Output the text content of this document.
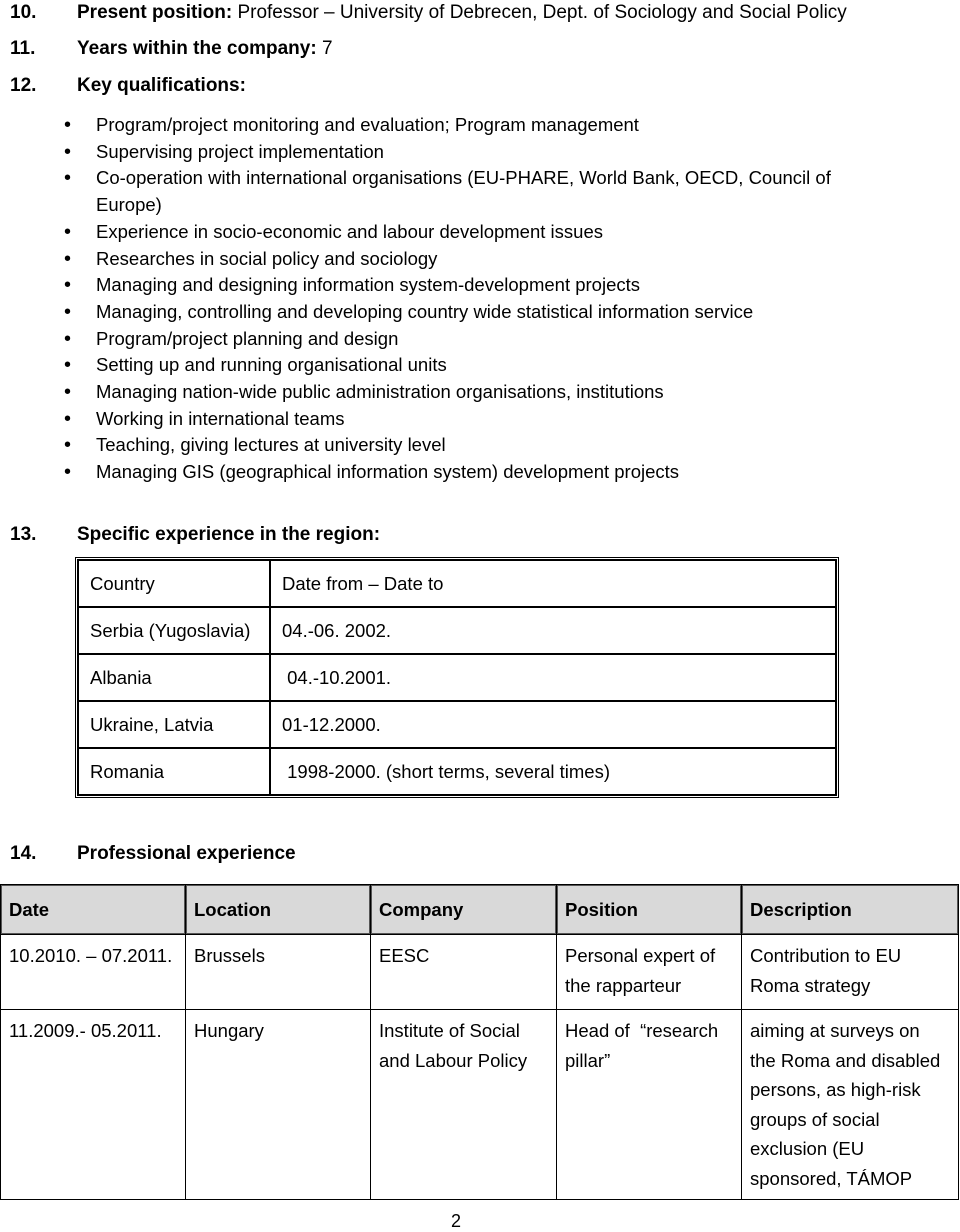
10. Present position: Professor – University of Debrecen, Dept. of Sociology and Social Policy
11. Years within the company: 7
12. Key qualifications:
• Program/project monitoring and evaluation; Program management
• Supervising project implementation
• Co-operation with international organisations (EU-PHARE, World Bank, OECD, Council of Europe)
• Experience in socio-economic and labour development issues
• Researches in social policy and sociology
• Managing and designing information system-development projects
• Managing, controlling and developing country wide statistical information service
• Program/project planning and design
• Setting up and running organisational units
• Managing nation-wide public administration organisations, institutions
• Working in international teams
• Teaching, giving lectures at university level
• Managing GIS (geographical information system) development projects
13. Specific experience in the region:
Country	Date from – Date to
Serbia (Yugoslavia)	04.-06. 2002.
Albania	04.-10.2001.
Ukraine, Latvia	01-12.2000.
Romania	1998-2000. (short terms, several times)
14. Professional experience
Date	Location	Company	Position	Description
10.2010. – 07.2011.	Brussels	EESC	Personal expert of the rapparteur	Contribution to EU Roma strategy
11.2009.- 05.2011.	Hungary	Institute of Social and Labour Policy	Head of  “research pillar”	aiming at surveys on the Roma and disabled persons, as high-risk groups of social exclusion (EU sponsored, TÁMOP
2
